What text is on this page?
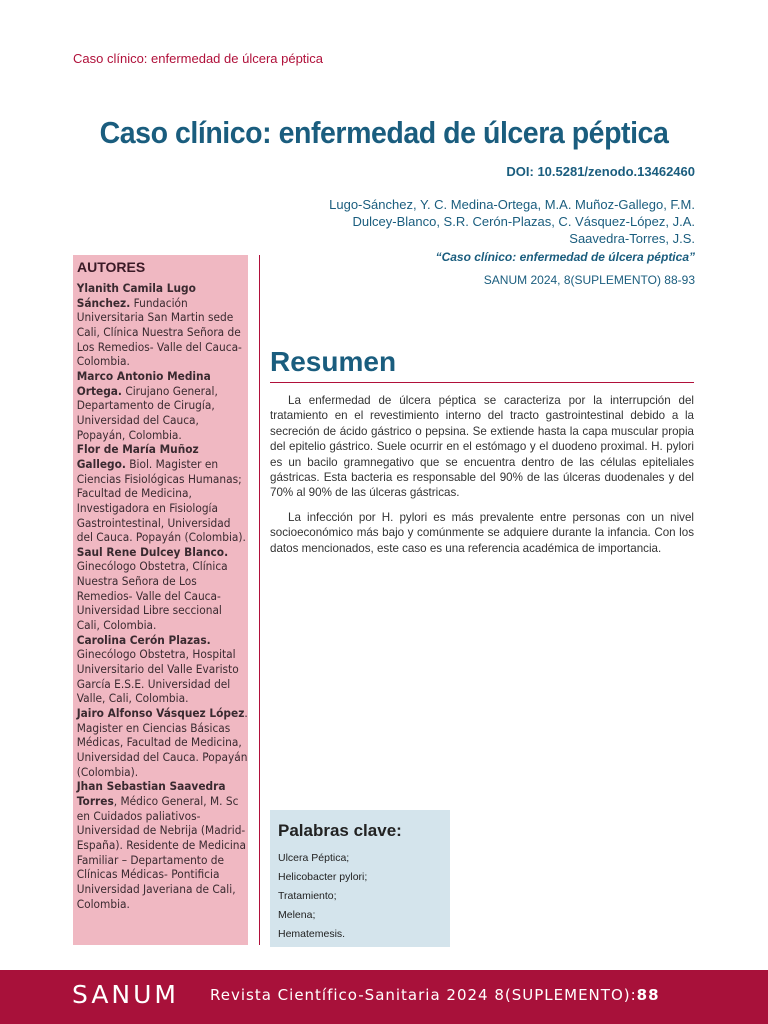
Caso clínico: enfermedad de úlcera péptica
Caso clínico: enfermedad de úlcera péptica
DOI: 10.5281/zenodo.13462460
Lugo-Sánchez, Y. C. Medina-Ortega, M.A. Muñoz-Gallego, F.M.
Dulcey-Blanco, S.R. Cerón-Plazas, C. Vásquez-López, J.A.
Saavedra-Torres, J.S.
“Caso clínico: enfermedad de úlcera péptica”
SANUM 2024, 8(SUPLEMENTO) 88-93
AUTORES
Ylanith Camila Lugo Sánchez. Fundación Universitaria San Martin sede Cali, Clínica Nuestra Señora de Los Remedios- Valle del Cauca- Colombia.
Marco Antonio Medina Ortega. Cirujano General, Departamento de Cirugía, Universidad del Cauca, Popayán, Colombia.
Flor de María Muñoz Gallego. Biol. Magister en Ciencias Fisiológicas Humanas; Facultad de Medicina, Investigadora en Fisiología Gastrointestinal, Universidad del Cauca. Popayán (Colombia).
Saul Rene Dulcey Blanco. Ginecólogo Obstetra, Clínica Nuestra Señora de Los Remedios- Valle del Cauca- Universidad Libre seccional Cali, Colombia.
Carolina Cerón Plazas. Ginecólogo Obstetra, Hospital Universitario del Valle Evaristo García E.S.E. Universidad del Valle, Cali, Colombia.
Jairo Alfonso Vásquez López. Magister en Ciencias Básicas Médicas, Facultad de Medicina, Universidad del Cauca. Popayán (Colombia).
Jhan Sebastian Saavedra Torres, Médico General, M. Sc en Cuidados paliativos- Universidad de Nebrija (Madrid- España). Residente de Medicina Familiar – Departamento de Clínicas Médicas- Pontificia Universidad Javeriana de Cali, Colombia.
Resumen

La enfermedad de úlcera péptica se caracteriza por la interrupción del tratamiento en el revestimiento interno del tracto gastrointestinal debido a la secreción de ácido gástrico o pepsina. Se extiende hasta la capa muscular propia del epitelio gástrico. Suele ocurrir en el estómago y el duodeno proximal. H. pylori es un bacilo gramnegativo que se encuentra dentro de las células epiteliales gástricas. Esta bacteria es responsable del 90% de las úlceras duodenales y del 70% al 90% de las úlceras gástricas.

La infección por H. pylori es más prevalente entre personas con un nivel socioeconómico más bajo y comúnmente se adquiere durante la infancia. Con los datos mencionados, este caso es una referencia académica de importancia.

Palabras clave:
Ulcera Péptica;
Helicobacter pylori;
Tratamiento;
Melena;
Hematemesis.
SANUM Revista Científico-Sanitaria 2024 8(SUPLEMENTO):88
